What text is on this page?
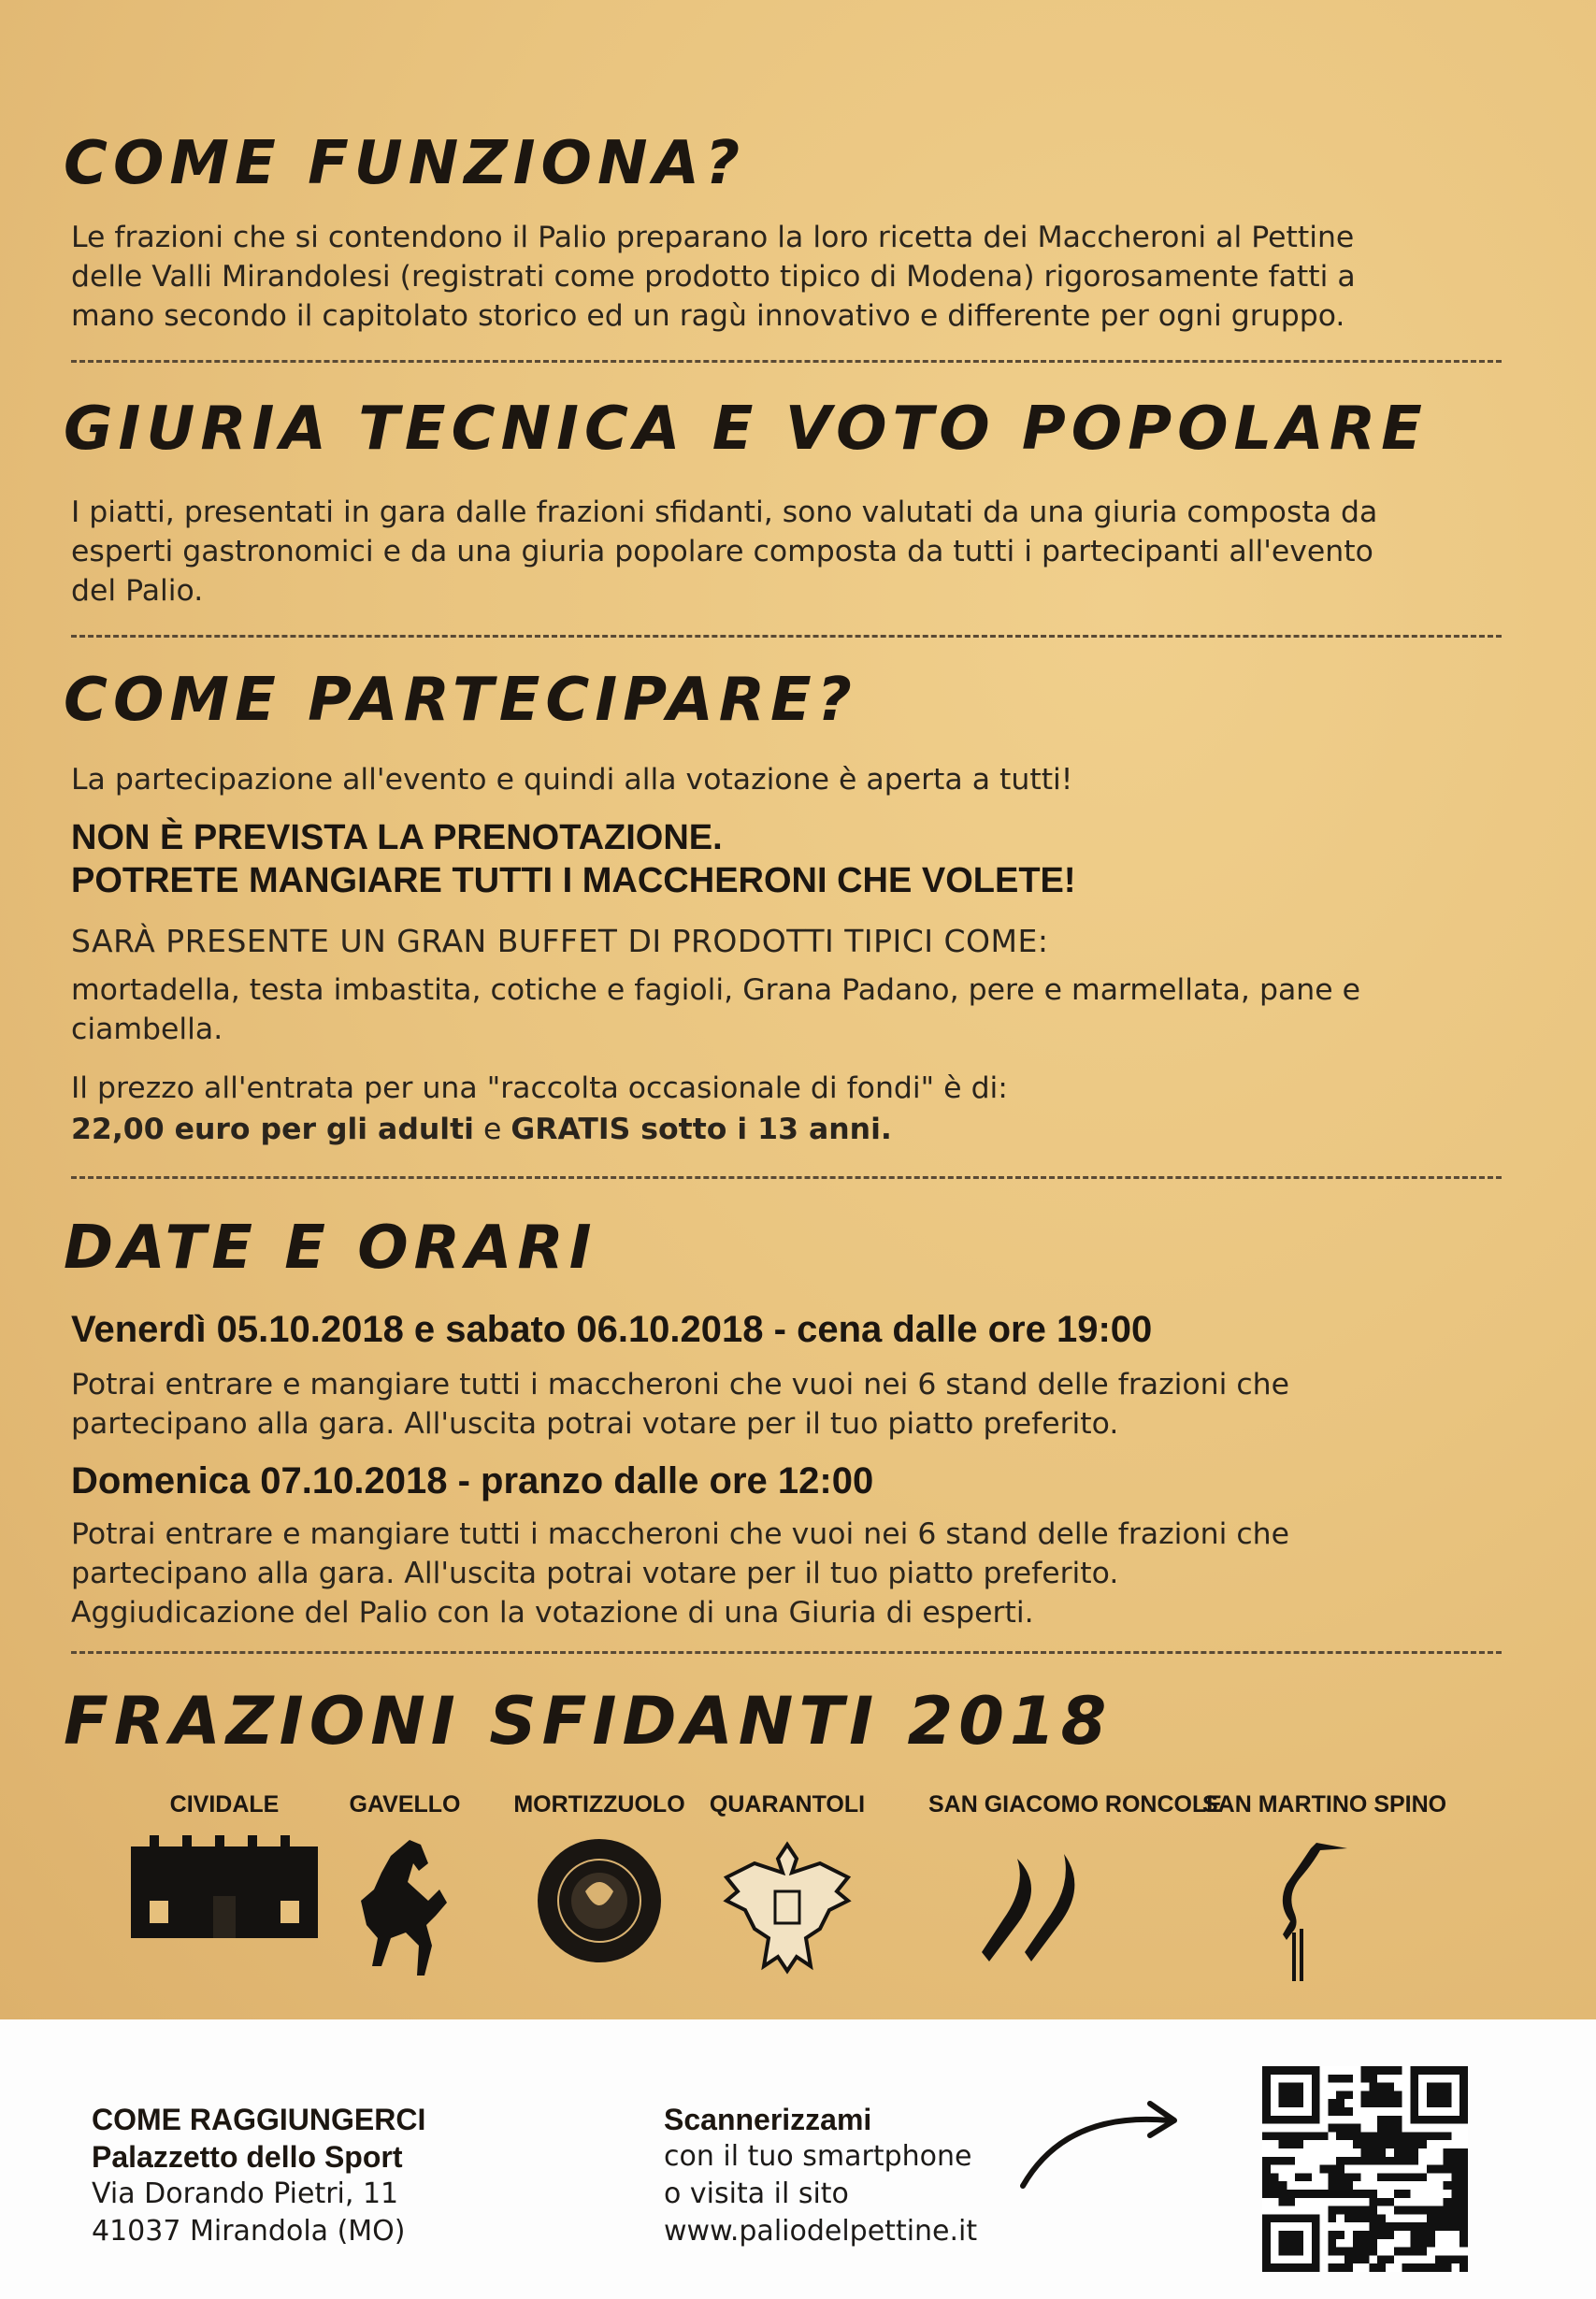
COME FUNZIONA?

Le frazioni che si contendono il Palio preparano la loro ricetta dei Maccheroni al Pettine
delle Valli Mirandolesi (registrati come prodotto tipico di Modena) rigorosamente fatti a
mano secondo il capitolato storico ed un ragù innovativo e differente per ogni gruppo.

GIURIA TECNICA E VOTO POPOLARE

I piatti, presentati in gara dalle frazioni sfidanti, sono valutati da una giuria composta da
esperti gastronomici e da una giuria popolare composta da tutti i partecipanti all'evento
del Palio.

COME PARTECIPARE?

La partecipazione all'evento e quindi alla votazione è aperta a tutti!

NON È PREVISTA LA PRENOTAZIONE.
POTRETE MANGIARE TUTTI I MACCHERONI CHE VOLETE!

SARÀ PRESENTE UN GRAN BUFFET DI PRODOTTI TIPICI COME:

mortadella, testa imbastita, cotiche e fagioli, Grana Padano, pere e marmellata, pane e
ciambella.

Il prezzo all'entrata per una "raccolta occasionale di fondi" è di:

22,00 euro per gli adulti e GRATIS sotto i 13 anni.

DATE E ORARI

Venerdì 05.10.2018 e sabato 06.10.2018 - cena dalle ore 19:00

Potrai entrare e mangiare tutti i maccheroni che vuoi nei 6 stand delle frazioni che
partecipano alla gara. All'uscita potrai votare per il tuo piatto preferito.

Domenica 07.10.2018 - pranzo dalle ore 12:00

Potrai entrare e mangiare tutti i maccheroni che vuoi nei 6 stand delle frazioni che
partecipano alla gara. All'uscita potrai votare per il tuo piatto preferito.
Aggiudicazione del Palio con la votazione di una Giuria di esperti.

FRAZIONI SFIDANTI 2018
CIVIDALE	GAVELLO	MORTIZZUOLO	QUARANTOLI	SAN GIACOMO RONCOLE
SAN MARTINO SPINO
COME RAGGIUNGERCI
Palazzetto dello Sport
Via Dorando Pietri, 11
41037 Mirandola (MO)
Scannerizzami
con il tuo smartphone
o visita il sito
www.paliodelpettine.it
